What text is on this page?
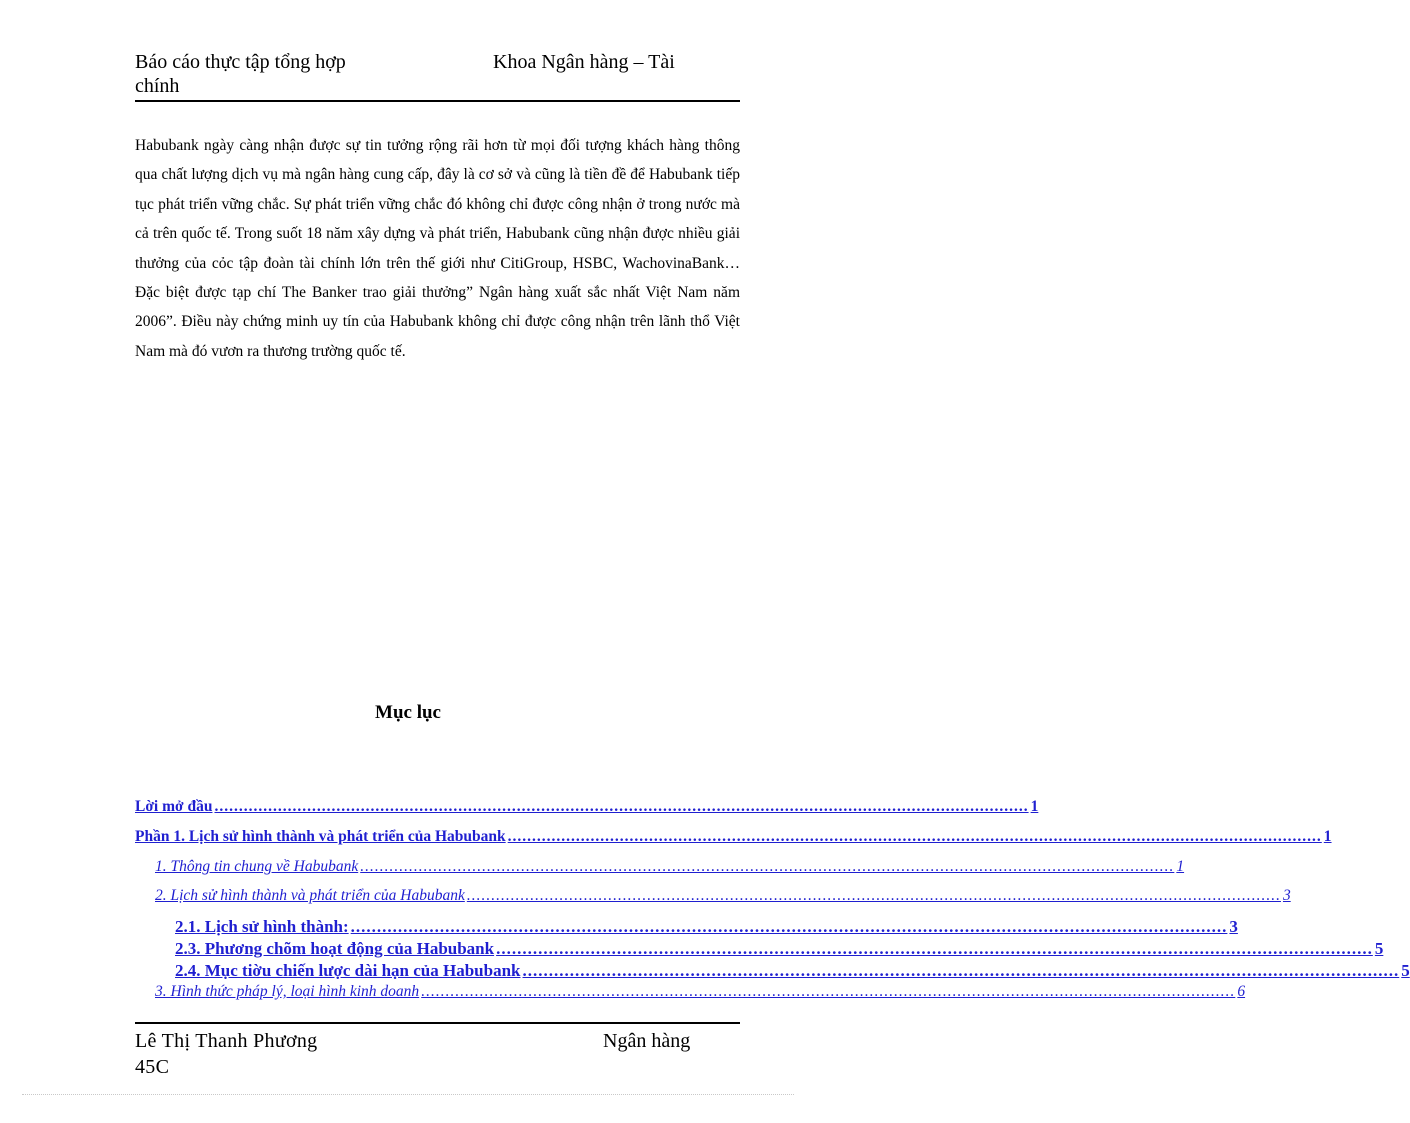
Báo cáo thực tập tổng hợp chính
Khoa Ngân hàng – Tài
Habubank ngày càng nhận được sự tin tưởng rộng rãi hơn từ mọi đối tượng khách hàng thông qua chất lượng dịch vụ mà ngân hàng cung cấp, đây là cơ sở và cũng là tiền đề để Habubank tiếp tục phát triển vững chắc. Sự phát triển vững chắc đó không chỉ được công nhận ở trong nước mà cả trên quốc tế. Trong suốt 18 năm xây dựng và phát triển, Habubank cũng nhận được nhiều giải thưởng của cỏc tập đoàn tài chính lớn trên thế giới như CitiGroup, HSBC, WachovinaBank…Đặc biệt được tạp chí The Banker trao giải thưởng” Ngân hàng xuất sắc nhất Việt Nam năm 2006”. Điều này chứng minh uy tín của Habubank không chỉ được công nhận trên lãnh thổ Việt Nam mà đó vươn ra thương trường quốc tế.
Mục lục
Lời mở đầu ....................................................................................................................................................................... 1
Phần 1. Lịch sử hình thành và phát triển của Habubank ....................................................................................................................................................................... 1
1. Thông tin chung về Habubank ....................................................................................................................................................................... 1
2. Lịch sử hình thành và phát triển của Habubank ....................................................................................................................................................................... 3
2.1. Lịch sử hình thành: ....................................................................................................................................................................... 3
2.3. Phương chõm hoạt động của Habubank ....................................................................................................................................................................... 5
2.4. Mục tiờu chiến lược dài hạn của Habubank ....................................................................................................................................................................... 5
3. Hình thức pháp lý, loại hình kinh doanh ....................................................................................................................................................................... 6
Lê Thị Thanh Phương 45C
Ngân hàng
